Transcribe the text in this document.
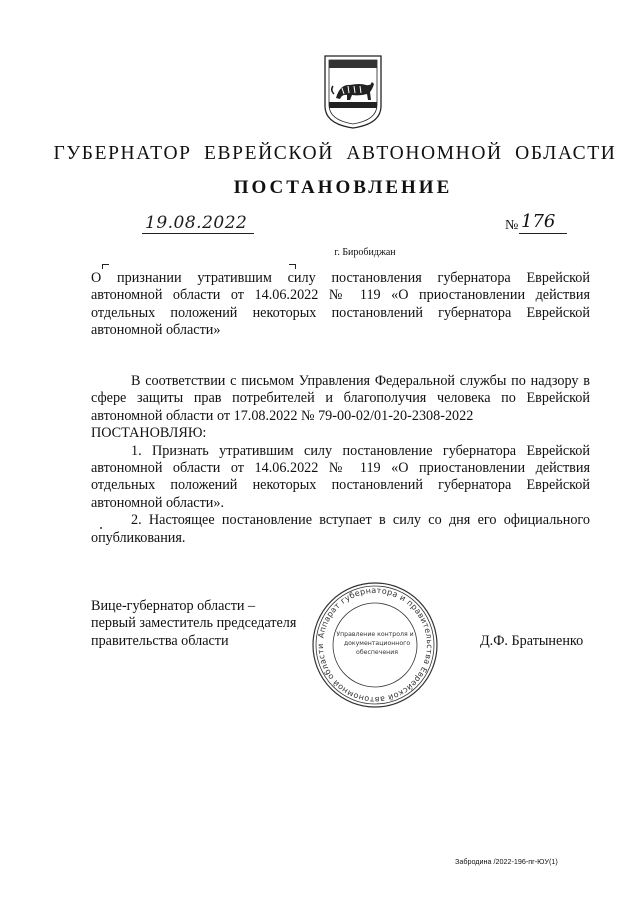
ГУБЕРНАТОР ЕВРЕЙСКОЙ АВТОНОМНОЙ ОБЛАСТИ
ПОСТАНОВЛЕНИЕ
19.08.2022	№ 176
г. Биробиджан
О признании утратившим силу постановления губернатора Еврейской автономной области от 14.06.2022 № 119 «О приостановлении действия отдельных положений некоторых постановлений губернатора Еврейской автономной области»

В соответствии с письмом Управления Федеральной службы по надзору в сфере защиты прав потребителей и благополучия человека по Еврейской автономной области от 17.08.2022 № 79-00-02/01-20-2308-2022

ПОСТАНОВЛЯЮ:

1. Признать утратившим силу постановление губернатора Еврейской автономной области от 14.06.2022 № 119 «О приостановлении действия отдельных положений некоторых постановлений губернатора Еврейской автономной области».

2. Настоящее постановление вступает в силу со дня его официального опубликования.

Вице-губернатор области –
первый заместитель председателя
правительства области	Аппарат губернатора и правительства Еврейской автономной области
Управление контроля и
документационного
обеспечения
Д.Ф. Братыненко
Забродина /2022-196-пг-ЮУ(1)
